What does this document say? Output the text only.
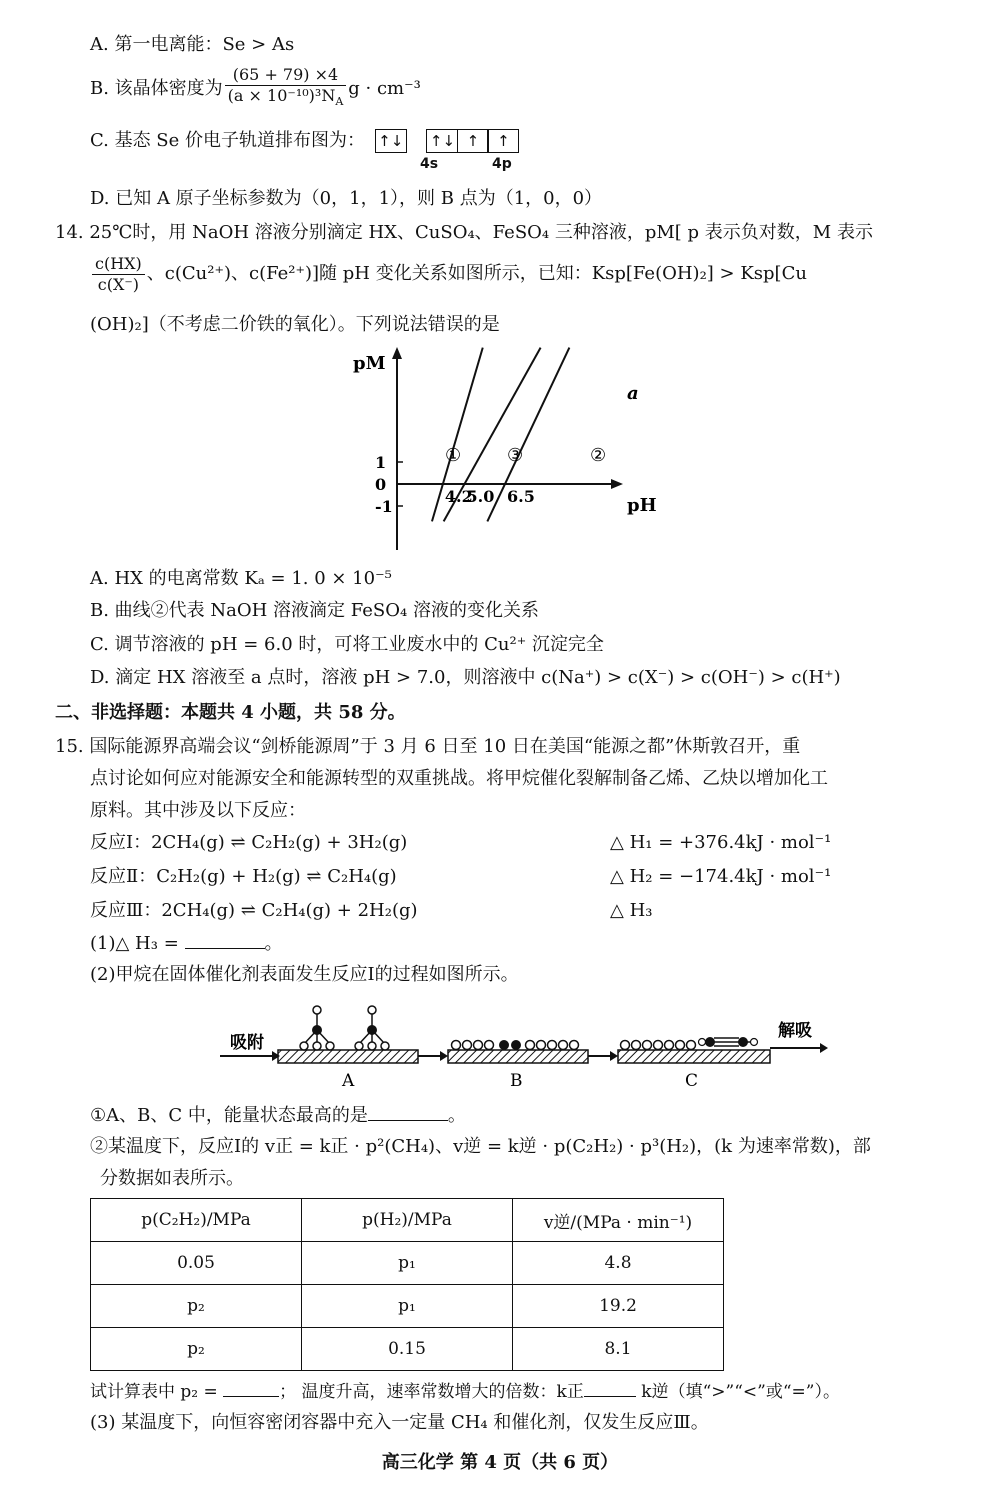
A. 第一电离能：Se > As
B. 该晶体密度为 $\frac{(65 + 79) \times 4}{(a \times 10^{-10})^3N_A}$ g · cm⁻³
C. 基态 Se 价电子轨道排布图为： ↑↓
↑↓ ↑	↑
4s	4p
D. 已知 A 原子坐标参数为（0，1，1），则 B 点为（1，0，0）
14. 25℃时，用 NaOH 溶液分别滴定 HX、CuSO₄、FeSO₄ 三种溶液，pM[ p 表示负对数，M 表示
$\frac{c(HX)}{c(X^-)}$ 、c(Cu²⁺)、c(Fe²⁺)]随 pH 变化关系如图所示，已知：Ksp[Fe(OH)₂] > Ksp[Cu
(OH)₂]（不考虑二价铁的氧化）。下列说法错误的是
pM
pH
1
0
-1
①
4.2
③
5.0
②
6.5
a
A. HX 的电离常数 Kₐ = 1. 0 × 10⁻⁵
B. 曲线②代表 NaOH 溶液滴定 FeSO₄ 溶液的变化关系
C. 调节溶液的 pH = 6.0 时，可将工业废水中的 Cu²⁺ 沉淀完全
D. 滴定 HX 溶液至 a 点时，溶液 pH > 7.0，则溶液中 c(Na⁺) > c(X⁻) > c(OH⁻) > c(H⁺)
二、非选择题：本题共 4 小题，共 58 分。
15. 国际能源界高端会议“剑桥能源周”于 3 月 6 日至 10 日在美国“能源之都”休斯敦召开，重
点讨论如何应对能源安全和能源转型的双重挑战。将甲烷催化裂解制备乙烯、乙炔以增加化工
原料。其中涉及以下反应：
反应Ⅰ：2CH₄(g) ⇌ C₂H₂(g) + 3H₂(g)	△ H₁ = +376.4kJ · mol⁻¹
反应Ⅱ：C₂H₂(g) + H₂(g) ⇌ C₂H₄(g)	△ H₂ = −174.4kJ · mol⁻¹
反应Ⅲ：2CH₄(g) ⇌ C₂H₄(g) + 2H₂(g)	△ H₃
(1)△ H₃ =	。
(2)甲烷在固体催化剂表面发生反应Ⅰ的过程如图所示。
吸附
解吸
A	B	C
①A、B、C 中，能量状态最高的是	。
②某温度下，反应Ⅰ的 v正 = k正 · p²(CH₄)、v逆 = k逆 · p(C₂H₂) · p³(H₂)，(k 为速率常数)，部
分数据如表所示。
p(C₂H₂)/MPa	p(H₂)/MPa	v逆/(MPa · min⁻¹)
0.05	p₁	4.8
p₂	p₁	19.2
p₂	0.15	8.1
试计算表中 p₂ =	； 温度升高，速率常数增大的倍数：k正	k逆（填“>”“<”或“=”）。
(3) 某温度下，向恒容密闭容器中充入一定量 CH₄ 和催化剂，仅发生反应Ⅲ。
高三化学 第 4 页（共 6 页）
